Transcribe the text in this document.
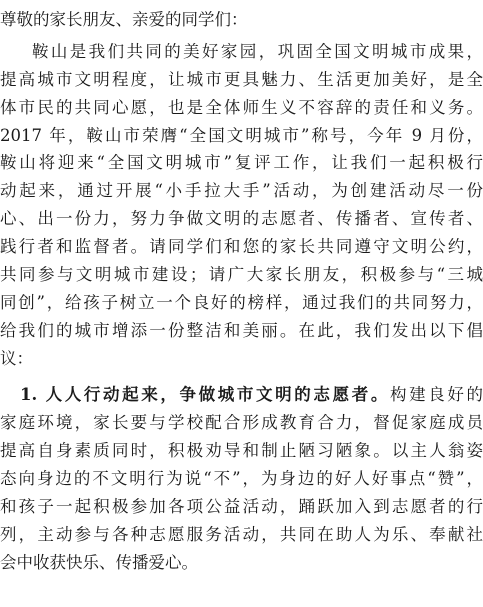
尊敬的家长朋友、亲爱的同学们：
鞍山是我们共同的美好家园，巩固全国文明城市成果，
提高城市文明程度，让城市更具魅力、生活更加美好，是全
体市民的共同心愿，也是全体师生义不容辞的责任和义务。
2017 年，鞍山市荣膺“全国文明城市”称号，今年 9 月份，
鞍山将迎来“全国文明城市”复评工作，让我们一起积极行
动起来，通过开展“小手拉大手”活动，为创建活动尽一份
心、出一份力，努力争做文明的志愿者、传播者、宣传者、
践行者和监督者。请同学们和您的家长共同遵守文明公约，
共同参与文明城市建设；请广大家长朋友，积极参与“三城
同创”，给孩子树立一个良好的榜样，通过我们的共同努力，
给我们的城市增添一份整洁和美丽。在此，我们发出以下倡
议：
1. 人人行动起来，争做城市文明的志愿者。构建良好的
家庭环境，家长要与学校配合形成教育合力，督促家庭成员
提高自身素质同时，积极劝导和制止陋习陋象。以主人翁姿
态向身边的不文明行为说“不”，为身边的好人好事点“赞”，
和孩子一起积极参加各项公益活动，踊跃加入到志愿者的行
列，主动参与各种志愿服务活动，共同在助人为乐、奉献社
会中收获快乐、传播爱心。
